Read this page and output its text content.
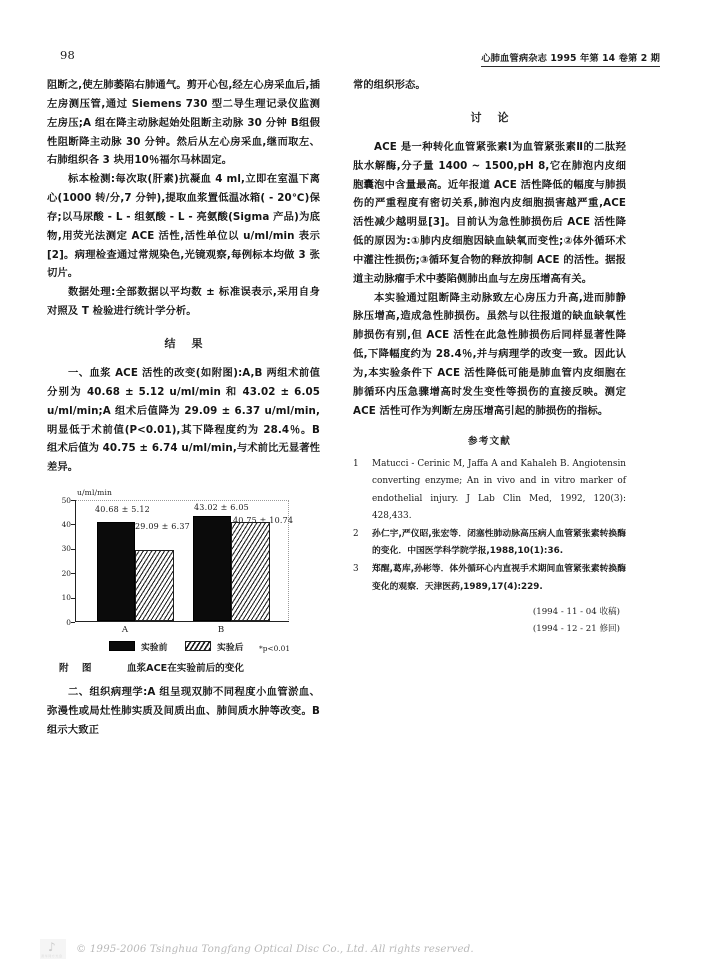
98	心肺血管病杂志 1995 年第 14 卷第 2 期

阻断之,使左肺萎陷右肺通气。剪开心包,经左心房采血后,插左房测压管,通过 Siemens 730 型二导生理记录仪监测左房压;A 组在降主动脉起始处阻断主动脉 30 分钟 B组假性阻断降主动脉 30 分钟。然后从左心房采血,继而取左、右肺组织各 3 块用10％福尔马林固定。

标本检测:每次取(肝素)抗凝血 4 ml,立即在室温下离心(1000 转/分,7 分钟),提取血浆置低温冰箱( - 20℃)保存;以马尿酸 - L - 组氨酸 - L - 亮氨酸(Sigma 产品)为底物,用荧光法测定 ACE 活性,活性单位以 u/ml/min 表示[2]。病理检查通过常规染色,光镜观察,每例标本均做 3 张切片。

数据处理:全部数据以平均数 ± 标准误表示,采用自身对照及 T 检验进行统计学分析。

结果

一、血浆 ACE 活性的改变(如附图):A,B 两组术前值分别为 40.68 ± 5.12 u/ml/min 和 43.02 ± 6.05 u/ml/min;A 组术后值降为 29.09 ± 6.37 u/ml/min,明显低于术前值(P<0.01),其下降程度约为 28.4％。B 组术后值为 40.75 ± 6.74 u/ml/min,与术前比无显著性差异。

u/ml/min
50
40
30
20
10
0
40.68 ± 5.12
29.09 ± 6.37
43.02 ± 6.05
40.75 ± 10.74
A	B
实验前	实验后 *p<0.01
附 图	血浆ACE在实验前后的变化

二、组织病理学:A 组呈现双肺不同程度小血管淤血、弥漫性或局灶性肺实质及间质出血、肺间质水肿等改变。B 组示大致正

常的组织形态。

讨论

ACE 是一种转化血管紧张素Ⅰ为血管紧张素Ⅱ的二肽羟肽水解酶,分子量 1400 ~ 1500,pH 8,它在肺泡内皮细胞囊泡中含量最高。近年报道 ACE 活性降低的幅度与肺损伤的严重程度有密切关系,肺泡内皮细胞损害越严重,ACE 活性减少越明显[3]。目前认为急性肺损伤后 ACE 活性降低的原因为:①肺内皮细胞因缺血缺氧而变性;②体外循环术中灌注性损伤;③循环复合物的释放抑制 ACE 的活性。据报道主动脉瘤手术中萎陷侧肺出血与左房压增高有关。

本实验通过阻断降主动脉致左心房压力升高,进而肺静脉压增高,造成急性肺损伤。虽然与以往报道的缺血缺氧性肺损伤有别,但 ACE 活性在此急性肺损伤后同样显著性降低,下降幅度约为 28.4％,并与病理学的改变一致。因此认为,本实验条件下 ACE 活性降低可能是肺血管内皮细胞在肺循环内压急骤增高时发生变性等损伤的直接反映。测定 ACE 活性可作为判断左房压增高引起的肺损伤的指标。

参考文献
1 Matucci - Cerinic M, Jaffa A and Kahaleh B. Angiotensin converting enzyme; An in vivo and in vitro marker of endothelial injury. J Lab Clin Med, 1992, 120(3): 428,433.
2 孙仁宇,严仪昭,张宏等．闭塞性肺动脉高压病人血管紧张素转换酶的变化．中国医学科学院学报,1988,10(1):36.
3 郑醒,葛库,孙彬等．体外循环心内直视手术期间血管紧张素转换酶变化的观察．天津医药,1989,17(4):229.
(1994 - 11 - 04 收稿)
(1994 - 12 - 21 修回)
♪
清华同方光盘
© 1995-2006 Tsinghua Tongfang Optical Disc Co., Ltd. All rights reserved.
